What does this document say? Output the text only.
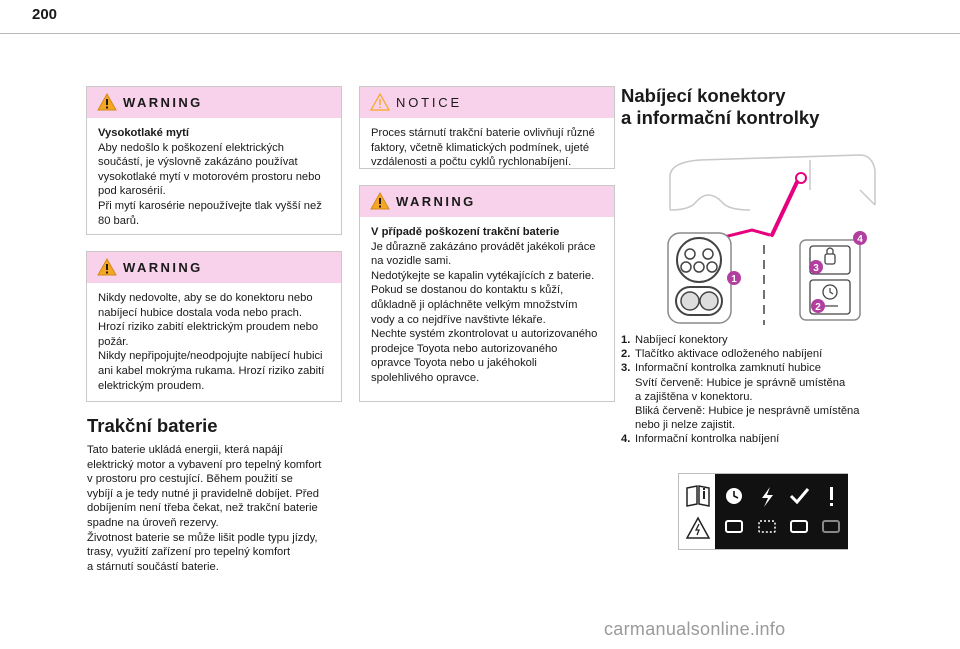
200
WARNING

Vysokotlaké mytí

Aby nedošlo k poškození elektrických

součástí, je výslovně zakázáno používat

vysokotlaké mytí v motorovém prostoru nebo

pod karosérií.

Při mytí karosérie nepoužívejte tlak vyšší než

80 barů.

WARNING

Nikdy nedovolte, aby se do konektoru nebo

nabíjecí hubice dostala voda nebo prach.

Hrozí riziko zabití elektrickým proudem nebo

požár.

Nikdy nepřipojujte/neodpojujte nabíjecí hubici

ani kabel mokrýma rukama. Hrozí riziko zabití

elektrickým proudem.

Trakční baterie

Tato baterie ukládá energii, která napájí

elektrický motor a vybavení pro tepelný komfort

v prostoru pro cestující. Během použití se

vybíjí a je tedy nutné ji pravidelně dobíjet. Před

dobíjením není třeba čekat, než trakční baterie

spadne na úroveň rezervy.

Životnost baterie se může lišit podle typu jízdy,

trasy, využití zařízení pro tepelný komfort

a stárnutí součástí baterie.

NOTICE

Proces stárnutí trakční baterie ovlivňují různé

faktory, včetně klimatických podmínek, ujeté

vzdálenosti a počtu cyklů rychlonabíjení.

WARNING

V případě poškození trakční baterie

Je důrazně zakázáno provádět jakékoli práce

na vozidle sami.

Nedotýkejte se kapalin vytékajících z baterie.

Pokud se dostanou do kontaktu s kůží,

důkladně ji opláchněte velkým množstvím

vody a co nejdříve navštivte lékaře.

Nechte systém zkontrolovat u autorizovaného

prodejce Toyota nebo autorizovaného

opravce Toyota nebo u jakéhokoli

spolehlivého opravce.

Nabíjecí konektory
a informační kontrolky
1
2
3
4
1. Nabíjecí konektory
2. Tlačítko aktivace odloženého nabíjení
3. Informační kontrolka zamknutí hubice
Svítí červeně: Hubice je správně umístěna
a zajištěna v konektoru.
Bliká červeně: Hubice je nesprávně umístěna
nebo ji nelze zajistit.
4. Informační kontrolka nabíjení
carmanualsonline.info
